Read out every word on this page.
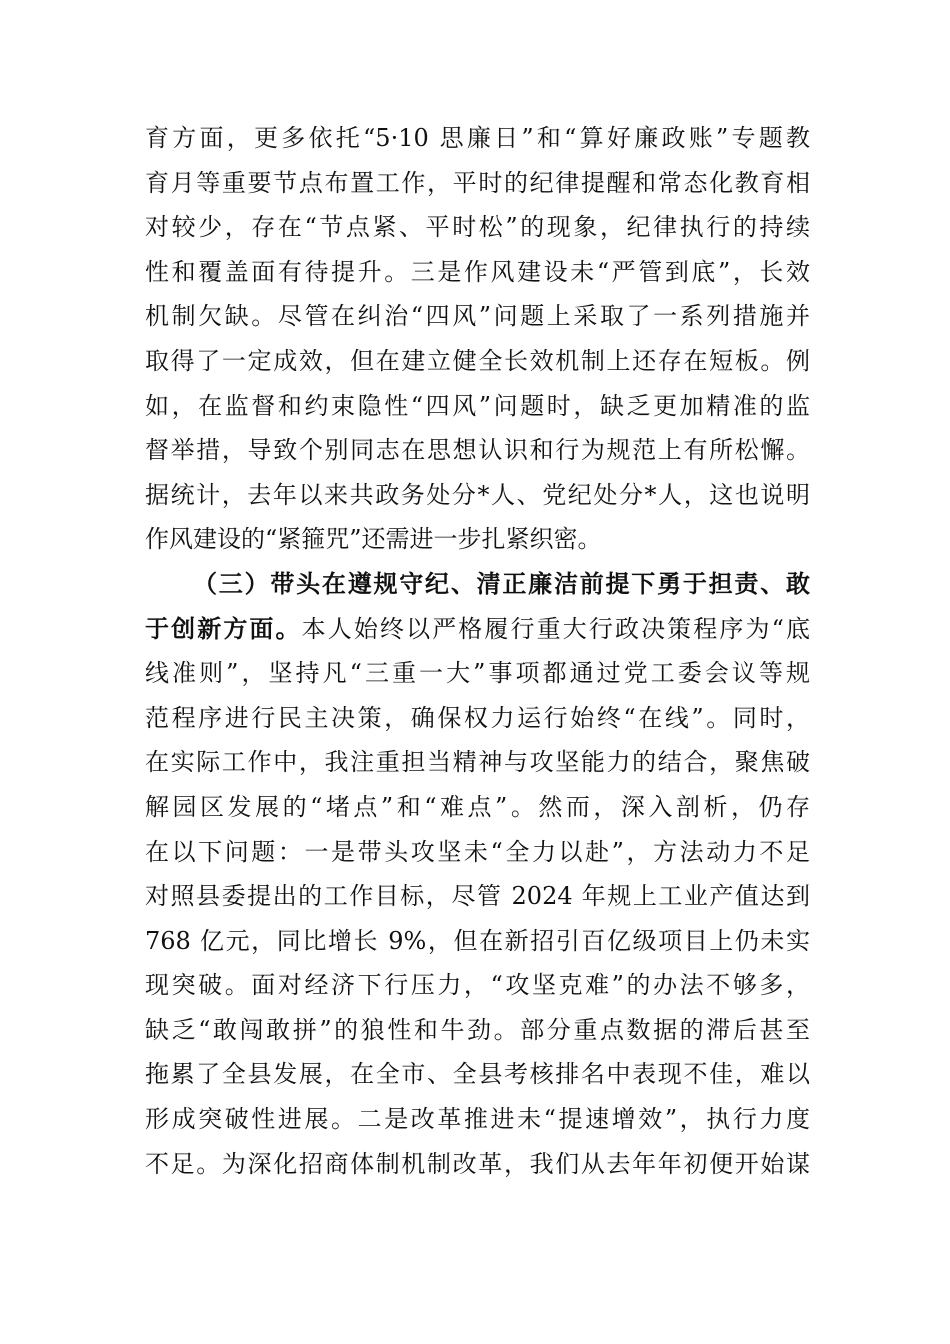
育方面，更多依托“5·10 思廉日”和“算好廉政账”专题教
育月等重要节点布置工作，平时的纪律提醒和常态化教育相
对较少，存在“节点紧、平时松”的现象，纪律执行的持续
性和覆盖面有待提升。三是作风建设未“严管到底”，长效
机制欠缺。尽管在纠治“四风”问题上采取了一系列措施并
取得了一定成效，但在建立健全长效机制上还存在短板。例
如，在监督和约束隐性“四风”问题时，缺乏更加精准的监
督举措，导致个别同志在思想认识和行为规范上有所松懈。
据统计，去年以来共政务处分*人、党纪处分*人，这也说明
作风建设的“紧箍咒”还需进一步扎紧织密。
（三）带头在遵规守纪、清正廉洁前提下勇于担责、敢
于创新方面。本人始终以严格履行重大行政决策程序为“底
线准则”，坚持凡“三重一大”事项都通过党工委会议等规
范程序进行民主决策，确保权力运行始终“在线”。同时，
在实际工作中，我注重担当精神与攻坚能力的结合，聚焦破
解园区发展的“堵点”和“难点”。然而，深入剖析，仍存
在以下问题：一是带头攻坚未“全力以赴”，方法动力不足
对照县委提出的工作目标，尽管 2024 年规上工业产值达到
768 亿元，同比增长 9%，但在新招引百亿级项目上仍未实
现突破。面对经济下行压力，“攻坚克难”的办法不够多，
缺乏“敢闯敢拼”的狼性和牛劲。部分重点数据的滞后甚至
拖累了全县发展，在全市、全县考核排名中表现不佳，难以
形成突破性进展。二是改革推进未“提速增效”，执行力度
不足。为深化招商体制机制改革，我们从去年年初便开始谋
